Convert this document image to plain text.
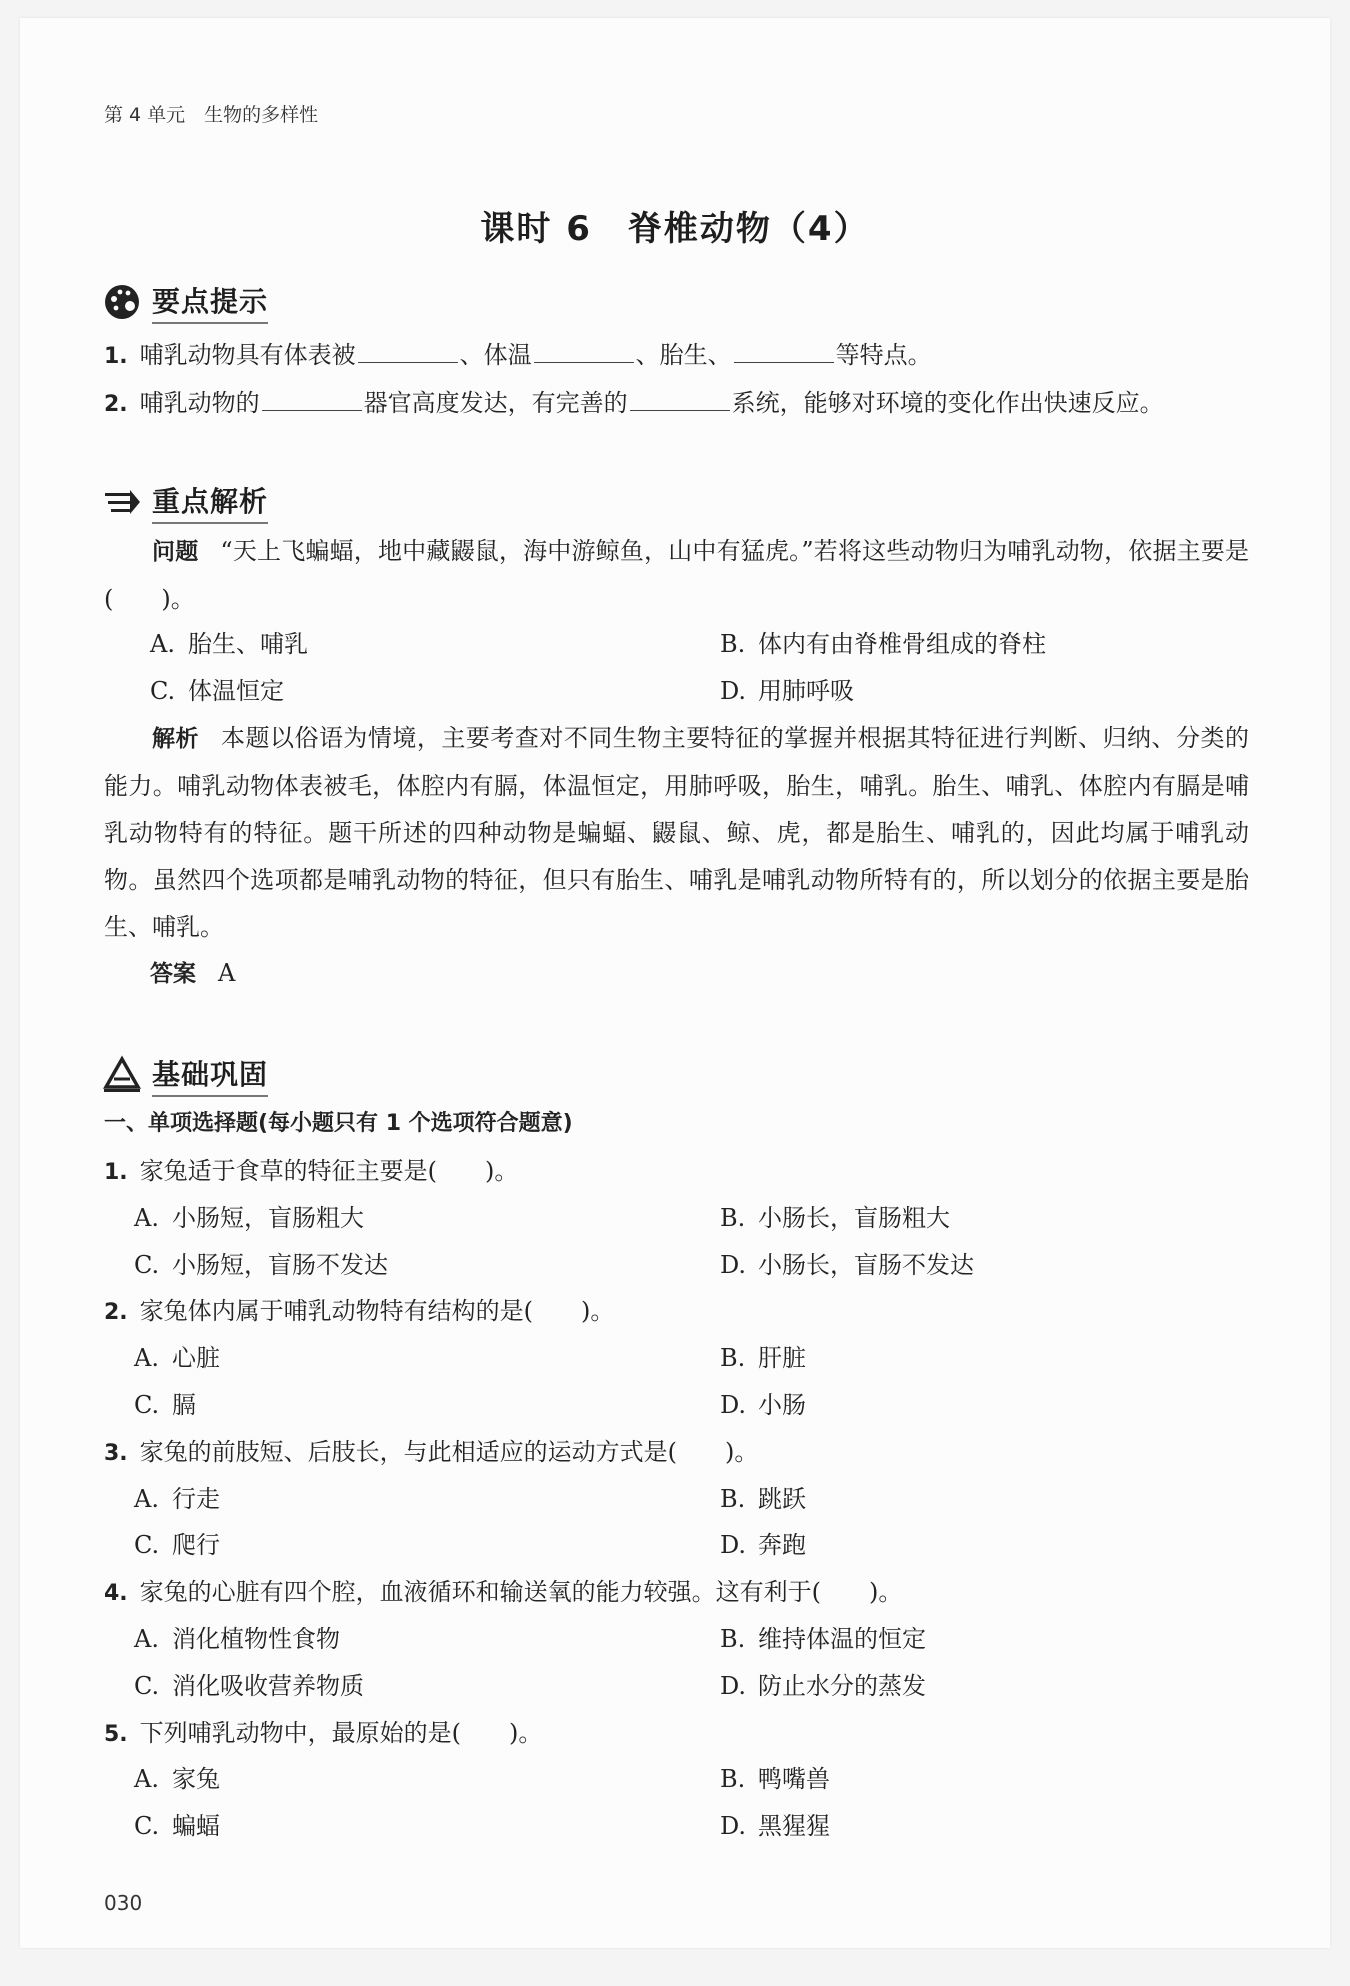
第 4 单元　生物的多样性
课时 6　脊椎动物（4）
要点提示
1. 哺乳动物具有体表被	、体温	、胎生、	等特点。
2. 哺乳动物的	器官高度发达，有完善的	系统，能够对环境的变化作出快速反应。
重点解析
问题 “天上飞蝙蝠，地中藏鼹鼠，海中游鲸鱼，山中有猛虎。”若将这些动物归为哺乳动物，依据主要是(　　)。
A. 胎生、哺乳	B. 体内有由脊椎骨组成的脊柱
C. 体温恒定	D. 用肺呼吸
解析 本题以俗语为情境，主要考查对不同生物主要特征的掌握并根据其特征进行判断、归纳、分类的能力。哺乳动物体表被毛，体腔内有膈，体温恒定，用肺呼吸，胎生，哺乳。胎生、哺乳、体腔内有膈是哺乳动物特有的特征。题干所述的四种动物是蝙蝠、鼹鼠、鲸、虎，都是胎生、哺乳的，因此均属于哺乳动物。虽然四个选项都是哺乳动物的特征，但只有胎生、哺乳是哺乳动物所特有的，所以划分的依据主要是胎生、哺乳。
答案 A
基础巩固
一、单项选择题(每小题只有 1 个选项符合题意)
1. 家兔适于食草的特征主要是(　　)。
A. 小肠短，盲肠粗大	B. 小肠长，盲肠粗大
C. 小肠短，盲肠不发达	D. 小肠长，盲肠不发达
2. 家兔体内属于哺乳动物特有结构的是(　　)。
A. 心脏	B. 肝脏
C. 膈	D. 小肠
3. 家兔的前肢短、后肢长，与此相适应的运动方式是(　　)。
A. 行走	B. 跳跃
C. 爬行	D. 奔跑
4. 家兔的心脏有四个腔，血液循环和输送氧的能力较强。这有利于(　　)。
A. 消化植物性食物	B. 维持体温的恒定
C. 消化吸收营养物质	D. 防止水分的蒸发
5. 下列哺乳动物中，最原始的是(　　)。
A. 家兔	B. 鸭嘴兽
C. 蝙蝠	D. 黑猩猩
030
